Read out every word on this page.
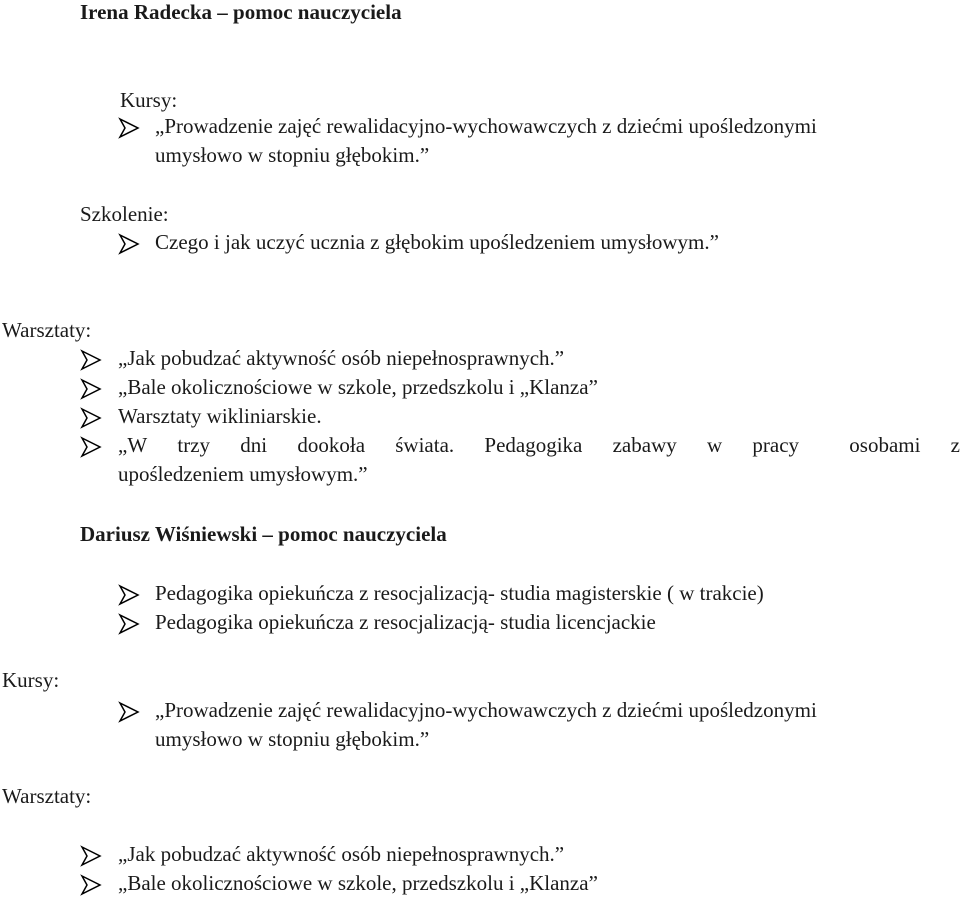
Irena Radecka – pomoc nauczyciela
Kursy:
„Prowadzenie zajęć rewalidacyjno-wychowawczych z dziećmi upośledzonymi
umysłowo w stopniu głębokim.”
Szkolenie:
Czego i jak uczyć ucznia z głębokim upośledzeniem umysłowym.”
Warsztaty:
„Jak pobudzać aktywność osób niepełnosprawnych.”
„Bale okolicznościowe w szkole, przedszkolu i „Klanza”
Warsztaty wikliniarskie.
„W trzy dni dookoła świata. Pedagogika zabawy w pracy osobami z
upośledzeniem umysłowym.”
Dariusz Wiśniewski – pomoc nauczyciela
Pedagogika opiekuńcza z resocjalizacją- studia magisterskie ( w trakcie)
Pedagogika opiekuńcza z resocjalizacją- studia licencjackie
Kursy:
„Prowadzenie zajęć rewalidacyjno-wychowawczych z dziećmi upośledzonymi
umysłowo w stopniu głębokim.”
Warsztaty:
„Jak pobudzać aktywność osób niepełnosprawnych.”
„Bale okolicznościowe w szkole, przedszkolu i „Klanza”
